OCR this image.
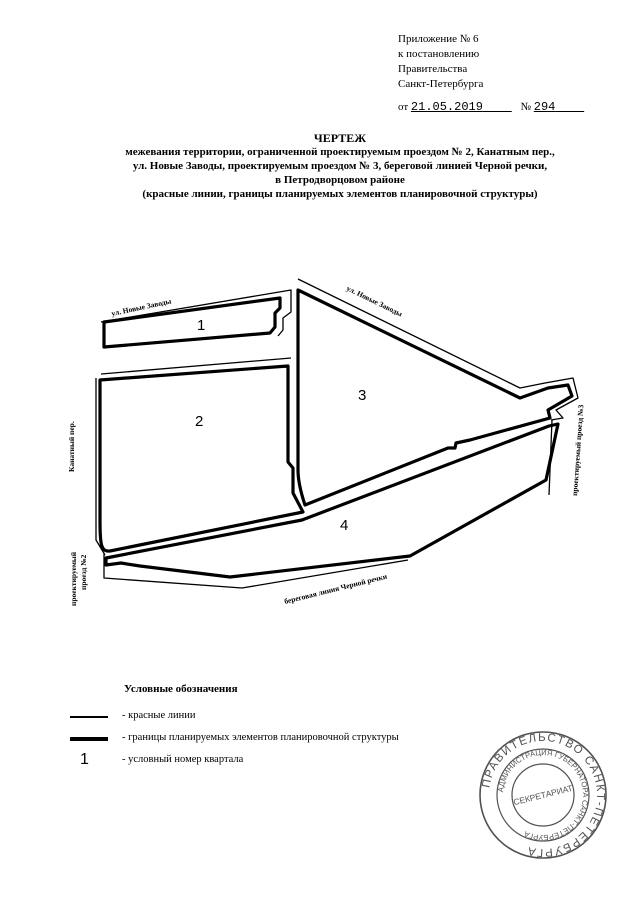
Приложение № 6
к постановлению
Правительства
Санкт-Петербурга
от 21.05.2019	№ 294
ЧЕРТЕЖ
межевания территории, ограниченной проектируемым проездом № 2, Канатным пер.,
ул. Новые Заводы, проектируемым проездом № 3, береговой линией Черной речки,
в Петродворцовом районе
(красные линии, границы планируемых элементов планировочной структуры)
1
2
3
4
ул. Новые Заводы	ул. Новые Заводы
Канатный пер.	проектируемый проезд №3
береговая линия Черной речки
проектируемый проезд №2
Условные обозначения
- красные линии
- границы планируемых элементов планировочной структуры
1	- условный номер квартала
ПРАВИТЕЛЬСТВО САНКТ-ПЕТЕРБУРГА
АДМИНИСТРАЦИЯ ГУБЕРНАТОРА САНКТ-ПЕТЕРБУРГА
СЕКРЕТАРИАТ
